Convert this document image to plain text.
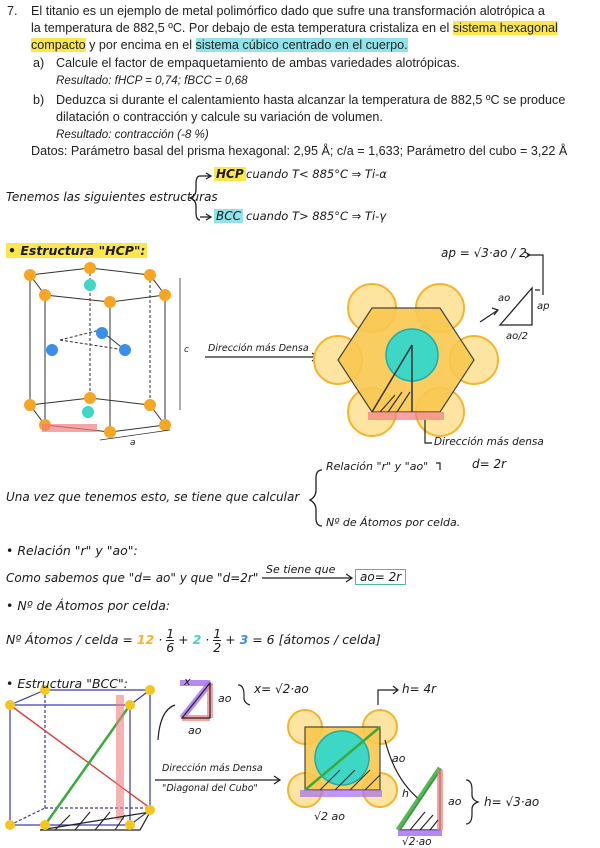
7. El titanio es un ejemplo de metal polimórfico dado que sufre una transformación alotrópica a
la temperatura de 882,5 ºC. Por debajo de esta temperatura cristaliza en el sistema hexagonal
compacto y por encima en el sistema cúbico centrado en el cuerpo.
a) Calcule el factor de empaquetamiento de ambas variedades alotrópicas.
Resultado: fHCP = 0,74; fBCC = 0,68
b) Deduzca si durante el calentamiento hasta alcanzar la temperatura de 882,5 ºC se produce
dilatación o contracción y calcule su variación de volumen.
Resultado: contracción (-8 %)
Datos: Parámetro basal del prisma hexagonal: 2,95 Å; c/a = 1,633; Parámetro del cubo = 3,22 Å
Tenemos las siguientes estructuras
HCP cuando T< 885°C ⇒ Ti-α
BCC cuando T> 885°C ⇒ Ti-γ
• Estructura "HCP":	ap = √3·ao / 2
ao
ap
ao/2
c
a
Dirección más Densa
Dirección más densa
d= 2r
Una vez que tenemos esto, se tiene que calcular
Relación "r" y "ao"
Nº de Átomos por celda.
• Relación "r" y "ao":
Como sabemos que "d= ao" y que "d=2r"
Se tiene que
ao= 2r
• Nº de Átomos por celda:
Nº Átomos / celda = $12 \cdot \frac{1}{6} + 2 \cdot \frac{1}{2} + 3 = 6$ [átomos / celda]
• Estructura "BCC":	x
ao
ao
x= √2·ao	h= 4r
ao
Dirección más Densa
"Diagonal del Cubo"	h
h= √3·ao
√2 ao
√2·ao
ao
